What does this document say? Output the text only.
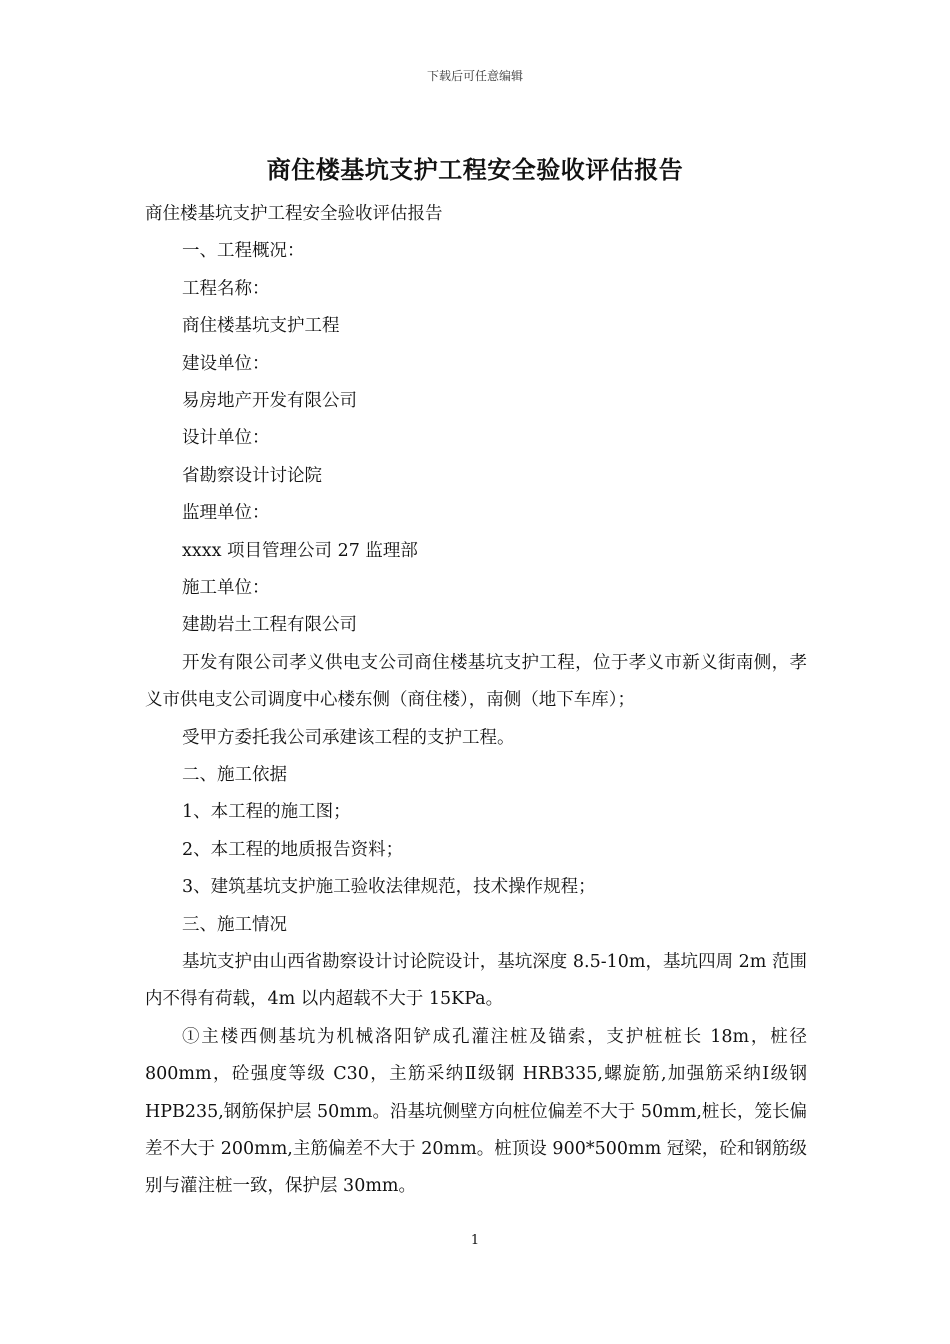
下载后可任意编辑
商住楼基坑支护工程安全验收评估报告
商住楼基坑支护工程安全验收评估报告
一、工程概况：
工程名称：
商住楼基坑支护工程
建设单位：
易房地产开发有限公司
设计单位：
省勘察设计讨论院
监理单位：
xxxx 项目管理公司 27 监理部
施工单位：
建勘岩土工程有限公司

开发有限公司孝义供电支公司商住楼基坑支护工程，位于孝义市新义街南侧，孝义市供电支公司调度中心楼东侧（商住楼），南侧（地下车库）；

受甲方委托我公司承建该工程的支护工程。

二、施工依据

1、本工程的施工图；

2、本工程的地质报告资料；

3、建筑基坑支护施工验收法律规范，技术操作规程；

三、施工情况

基坑支护由山西省勘察设计讨论院设计，基坑深度 8.5-10m，基坑四周 2m 范围内不得有荷载，4m 以内超载不大于 15KPa。

①主楼西侧基坑为机械洛阳铲成孔灌注桩及锚索，支护桩桩长 18m，桩径 800mm，砼强度等级 C30，主筋采纳Ⅱ级钢 HRB335,螺旋筋,加强筋采纳Ⅰ级钢 HPB235,钢筋保护层 50mm。沿基坑侧壁方向桩位偏差不大于 50mm,桩长，笼长偏差不大于 200mm,主筋偏差不大于 20mm。桩顶设 900*500mm 冠梁，砼和钢筋级别与灌注桩一致，保护层 30mm。

1
